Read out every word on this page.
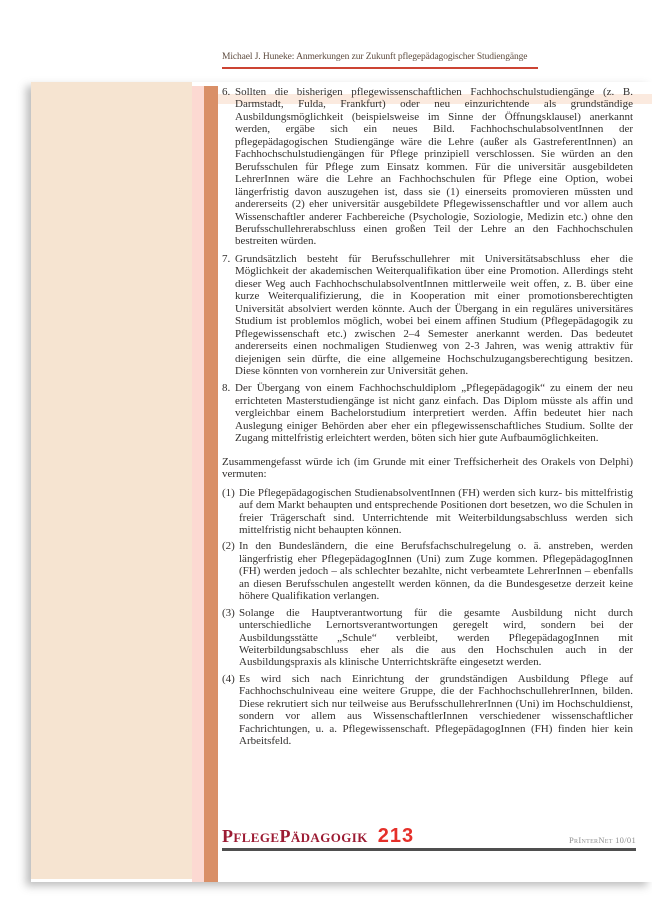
Michael J. Huneke: Anmerkungen zur Zukunft pflegepädagogischer Studiengänge
6. Sollten die bisherigen pflegewissenschaftlichen Fachhochschulstudiengänge (z. B. Darmstadt, Fulda, Frankfurt) oder neu einzurichtende als grundständige Ausbildungsmöglichkeit (beispielsweise im Sinne der Öffnungsklausel) anerkannt werden, ergäbe sich ein neues Bild. FachhochschulabsolventInnen der pflegepädagogischen Studiengänge wäre die Lehre (außer als GastreferentInnen) an Fachhochschulstudiengängen für Pflege prinzipiell verschlossen. Sie würden an den Berufsschulen für Pflege zum Einsatz kommen. Für die universitär ausgebildeten LehrerInnen wäre die Lehre an Fachhochschulen für Pflege eine Option, wobei längerfristig davon auszugehen ist, dass sie (1) einerseits promovieren müssten und andererseits (2) eher universitär ausgebildete Pflegewissenschaftler und vor allem auch Wissenschaftler anderer Fachbereiche (Psychologie, Soziologie, Medizin etc.) ohne den Berufsschullehrerabschluss einen großen Teil der Lehre an den Fachhochschulen bestreiten würden.
7. Grundsätzlich besteht für Berufsschullehrer mit Universitätsabschluss eher die Möglichkeit der akademischen Weiterqualifikation über eine Promotion. Allerdings steht dieser Weg auch FachhochschulabsolventInnen mittlerweile weit offen, z. B. über eine kurze Weiterqualifizierung, die in Kooperation mit einer promotionsberechtigten Universität absolviert werden könnte. Auch der Übergang in ein reguläres universitäres Studium ist problemlos möglich, wobei bei einem affinen Studium (Pflegepädagogik zu Pflegewissenschaft etc.) zwischen 2–4 Semester anerkannt werden. Das bedeutet andererseits einen nochmaligen Studienweg von 2-3 Jahren, was wenig attraktiv für diejenigen sein dürfte, die eine allgemeine Hochschulzugangsberechtigung besitzen. Diese könnten von vornherein zur Universität gehen.
8. Der Übergang von einem Fachhochschuldiplom „Pflegepädagogik“ zu einem der neu errichteten Masterstudiengänge ist nicht ganz einfach. Das Diplom müsste als affin und vergleichbar einem Bachelorstudium interpretiert werden. Affin bedeutet hier nach Auslegung einiger Behörden aber eher ein pflegewissenschaftliches Studium. Sollte der Zugang mittelfristig erleichtert werden, böten sich hier gute Aufbaumöglichkeiten.

Zusammengefasst würde ich (im Grunde mit einer Treffsicherheit des Orakels von Delphi) vermuten:

(1) Die Pflegepädagogischen StudienabsolventInnen (FH) werden sich kurz- bis mittelfristig auf dem Markt behaupten und entsprechende Positionen dort besetzen, wo die Schulen in freier Trägerschaft sind. Unterrichtende mit Weiterbildungsabschluss werden sich mittelfristig nicht behaupten können.
(2) In den Bundesländern, die eine Berufsfachschulregelung o. ä. anstreben, werden längerfristig eher PflegepädagogInnen (Uni) zum Zuge kommen. PflegepädagogInnen (FH) werden jedoch – als schlechter bezahlte, nicht verbeamtete LehrerInnen – ebenfalls an diesen Berufsschulen angestellt werden können, da die Bundesgesetze derzeit keine höhere Qualifikation verlangen.
(3) Solange die Hauptverantwortung für die gesamte Ausbildung nicht durch unterschiedliche Lernortsverantwortungen geregelt wird, sondern bei der Ausbildungsstätte „Schule“ verbleibt, werden PflegepädagogInnen mit Weiterbildungsabschluss eher als die aus den Hochschulen auch in der Ausbildungspraxis als klinische Unterrichtskräfte eingesetzt werden.
(4) Es wird sich nach Einrichtung der grundständigen Ausbildung Pflege auf Fachhochschulniveau eine weitere Gruppe, die der FachhochschullehrerInnen, bilden. Diese rekrutiert sich nur teilweise aus BerufsschullehrerInnen (Uni) im Hochschuldienst, sondern vor allem aus WissenschaftlerInnen verschiedener wissenschaftlicher Fachrichtungen, u. a. Pflegewissenschaft. PflegepädagogInnen (FH) finden hier kein Arbeitsfeld.
PflegePädagogik 213	PrInterNet 10/01
